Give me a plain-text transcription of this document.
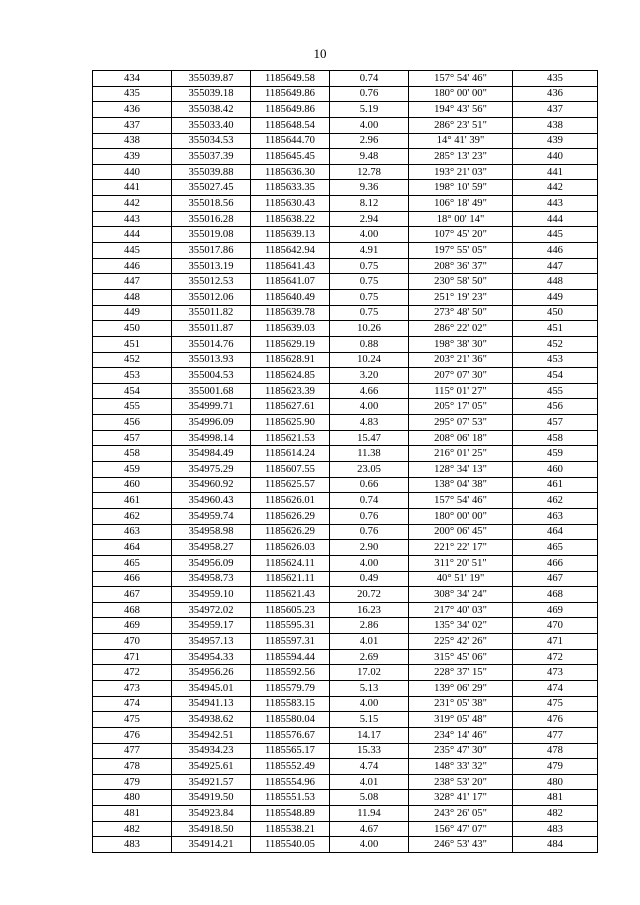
10
434	355039.87	1185649.58	0.74	157° 54' 46"	435
435	355039.18	1185649.86	0.76	180° 00' 00"	436
436	355038.42	1185649.86	5.19	194° 43' 56"	437
437	355033.40	1185648.54	4.00	286° 23' 51"	438
438	355034.53	1185644.70	2.96	14° 41' 39"	439
439	355037.39	1185645.45	9.48	285° 13' 23"	440
440	355039.88	1185636.30	12.78	193° 21' 03"	441
441	355027.45	1185633.35	9.36	198° 10' 59"	442
442	355018.56	1185630.43	8.12	106° 18' 49"	443
443	355016.28	1185638.22	2.94	18° 00' 14"	444
444	355019.08	1185639.13	4.00	107° 45' 20"	445
445	355017.86	1185642.94	4.91	197° 55' 05"	446
446	355013.19	1185641.43	0.75	208° 36' 37"	447
447	355012.53	1185641.07	0.75	230° 58' 50"	448
448	355012.06	1185640.49	0.75	251° 19' 23"	449
449	355011.82	1185639.78	0.75	273° 48' 50"	450
450	355011.87	1185639.03	10.26	286° 22' 02"	451
451	355014.76	1185629.19	0.88	198° 38' 30"	452
452	355013.93	1185628.91	10.24	203° 21' 36"	453
453	355004.53	1185624.85	3.20	207° 07' 30"	454
454	355001.68	1185623.39	4.66	115° 01' 27"	455
455	354999.71	1185627.61	4.00	205° 17' 05"	456
456	354996.09	1185625.90	4.83	295° 07' 53"	457
457	354998.14	1185621.53	15.47	208° 06' 18"	458
458	354984.49	1185614.24	11.38	216° 01' 25"	459
459	354975.29	1185607.55	23.05	128° 34' 13"	460
460	354960.92	1185625.57	0.66	138° 04' 38"	461
461	354960.43	1185626.01	0.74	157° 54' 46"	462
462	354959.74	1185626.29	0.76	180° 00' 00"	463
463	354958.98	1185626.29	0.76	200° 06' 45"	464
464	354958.27	1185626.03	2.90	221° 22' 17"	465
465	354956.09	1185624.11	4.00	311° 20' 51"	466
466	354958.73	1185621.11	0.49	40° 51' 19"	467
467	354959.10	1185621.43	20.72	308° 34' 24"	468
468	354972.02	1185605.23	16.23	217° 40' 03"	469
469	354959.17	1185595.31	2.86	135° 34' 02"	470
470	354957.13	1185597.31	4.01	225° 42' 26"	471
471	354954.33	1185594.44	2.69	315° 45' 06"	472
472	354956.26	1185592.56	17.02	228° 37' 15"	473
473	354945.01	1185579.79	5.13	139° 06' 29"	474
474	354941.13	1185583.15	4.00	231° 05' 38"	475
475	354938.62	1185580.04	5.15	319° 05' 48"	476
476	354942.51	1185576.67	14.17	234° 14' 46"	477
477	354934.23	1185565.17	15.33	235° 47' 30"	478
478	354925.61	1185552.49	4.74	148° 33' 32"	479
479	354921.57	1185554.96	4.01	238° 53' 20"	480
480	354919.50	1185551.53	5.08	328° 41' 17"	481
481	354923.84	1185548.89	11.94	243° 26' 05"	482
482	354918.50	1185538.21	4.67	156° 47' 07"	483
483	354914.21	1185540.05	4.00	246° 53' 43"	484
